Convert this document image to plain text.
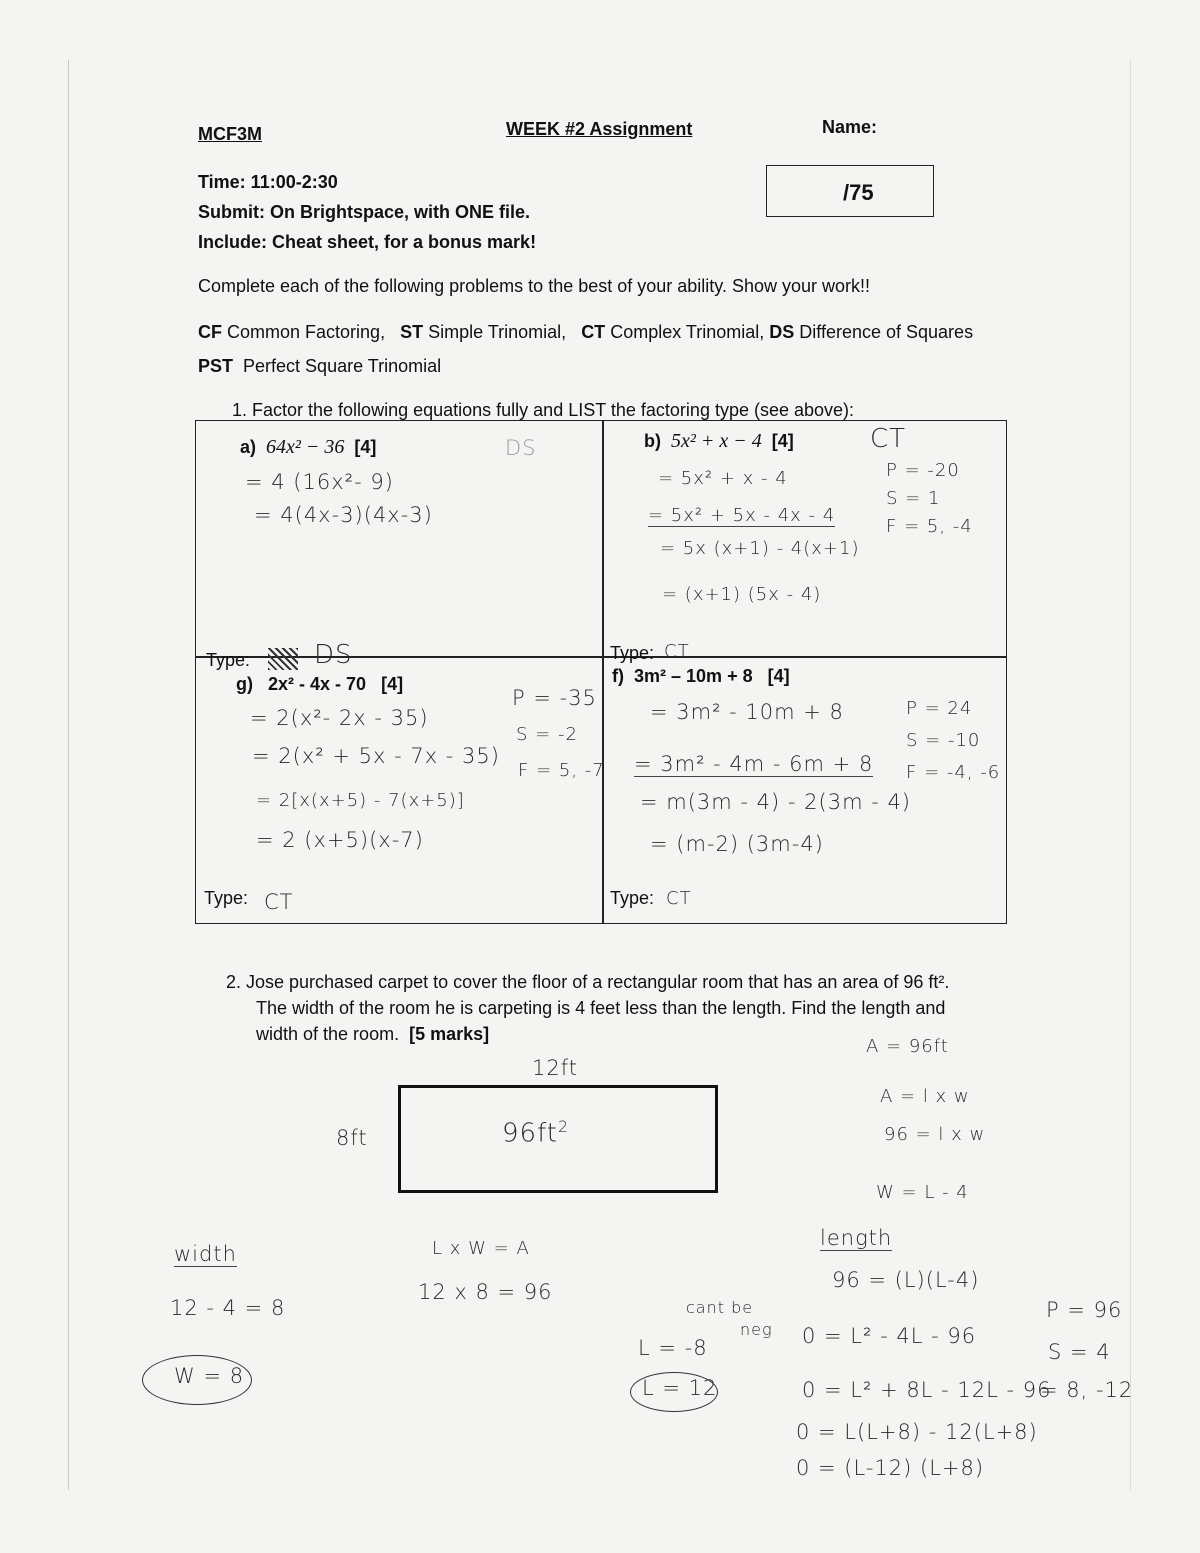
MCF3M	WEEK #2 Assignment	Name:
Time: 11:00-2:30
Submit: On Brightspace, with ONE file.
Include: Cheat sheet, for a bonus mark!
/75
Complete each of the following problems to the best of your ability. Show your work!!
CF Common Factoring, ST Simple Trinomial, CT Complex Trinomial, DS Difference of Squares
PST Perfect Square Trinomial
1. Factor the following equations fully and LIST the factoring type (see above):
a) 64x² − 36 [4]	DS
= 4 (16x²- 9)
= 4(4x-3)(4x-3)
Type: DS
b) 5x² + x − 4 [4]	CT
= 5x² + x - 4
= 5x² + 5x - 4x - 4
= 5x (x+1) - 4(x+1)
= (x+1) (5x - 4)
P = -20
S = 1
F = 5, -4
Type: CT
g) 2x² - 4x - 70 [4]
= 2(x²- 2x - 35)
= 2(x² + 5x - 7x - 35)
= 2[x(x+5) - 7(x+5)]
= 2 (x+5)(x-7)
P = -35
S = -2
F = 5, -7
Type: CT
f) 3m² – 10m + 8 [4]
= 3m² - 10m + 8
= 3m² - 4m - 6m + 8
= m(3m - 4) - 2(3m - 4)
= (m-2) (3m-4)
P = 24
S = -10
F = -4, -6
Type: CT
2. Jose purchased carpet to cover the floor of a rectangular room that has an area of 96 ft².
The width of the room he is carpeting is 4 feet less than the length. Find the length and
width of the room. [5 marks]
12ft
8ft	$96ft^2$
A = 96ft
A = l x w
96 = l x w
W = L - 4
width
12 - 4 = 8
W = 8
L x W = A
12 x 8 = 96
cant be
neg
L = -8
L = 12
length
96 = (L)(L-4)
0 = L² - 4L - 96
0 = L² + 8L - 12L - 96
0 = L(L+8) - 12(L+8)
0 = (L-12) (L+8)
P = 96
S = 4
= 8, -12
